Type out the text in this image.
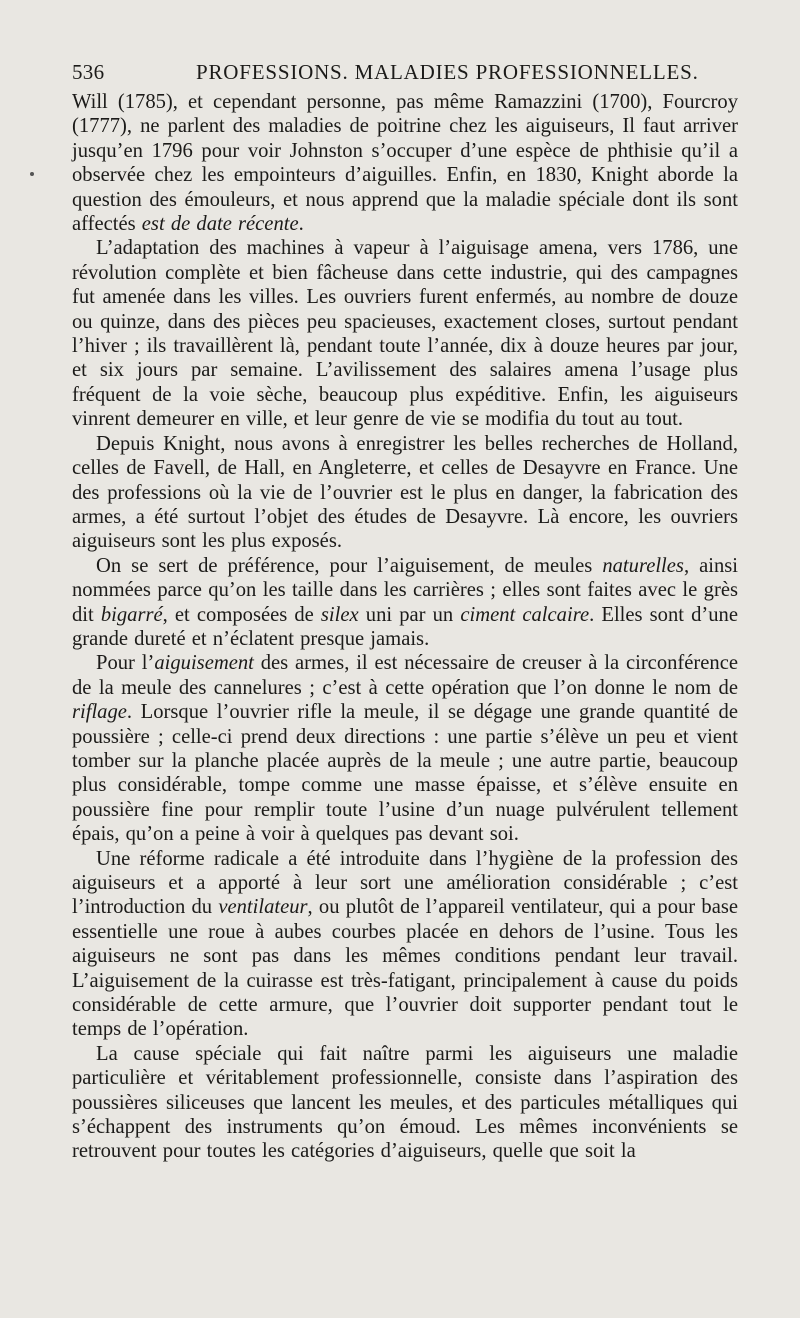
536	PROFESSIONS. MALADIES PROFESSIONNELLES.

Will (1785), et cependant personne, pas même Ramazzini (1700), Fourcroy (1777), ne parlent des maladies de poitrine chez les aiguiseurs, Il faut arriver jusqu’en 1796 pour voir Johnston s’occuper d’une espèce de phthisie qu’il a observée chez les empointeurs d’aiguilles. Enfin, en 1830, Knight aborde la question des émouleurs, et nous apprend que la maladie spéciale dont ils sont affectés est de date récente.

L’adaptation des machines à vapeur à l’aiguisage amena, vers 1786, une révolution complète et bien fâcheuse dans cette industrie, qui des campagnes fut amenée dans les villes. Les ouvriers furent enfermés, au nombre de douze ou quinze, dans des pièces peu spacieuses, exactement closes, surtout pendant l’hiver ; ils travaillèrent là, pendant toute l’année, dix à douze heures par jour, et six jours par semaine. L’avilissement des salaires amena l’usage plus fréquent de la voie sèche, beaucoup plus expéditive. Enfin, les aiguiseurs vinrent demeurer en ville, et leur genre de vie se modifia du tout au tout.

Depuis Knight, nous avons à enregistrer les belles recherches de Holland, celles de Favell, de Hall, en Angleterre, et celles de Desayvre en France. Une des professions où la vie de l’ouvrier est le plus en danger, la fabrication des armes, a été surtout l’objet des études de Desayvre. Là encore, les ouvriers aiguiseurs sont les plus exposés.

On se sert de préférence, pour l’aiguisement, de meules naturelles, ainsi nommées parce qu’on les taille dans les carrières ; elles sont faites avec le grès dit bigarré, et composées de silex uni par un ciment calcaire. Elles sont d’une grande dureté et n’éclatent presque jamais.

Pour l’aiguisement des armes, il est nécessaire de creuser à la circonférence de la meule des cannelures ; c’est à cette opération que l’on donne le nom de riflage. Lorsque l’ouvrier rifle la meule, il se dégage une grande quantité de poussière ; celle-ci prend deux directions : une partie s’élève un peu et vient tomber sur la planche placée auprès de la meule ; une autre partie, beaucoup plus considérable, tompe comme une masse épaisse, et s’élève ensuite en poussière fine pour remplir toute l’usine d’un nuage pulvérulent tellement épais, qu’on a peine à voir à quelques pas devant soi.

Une réforme radicale a été introduite dans l’hygiène de la profession des aiguiseurs et a apporté à leur sort une amélioration considérable ; c’est l’introduction du ventilateur, ou plutôt de l’appareil ventilateur, qui a pour base essentielle une roue à aubes courbes placée en dehors de l’usine. Tous les aiguiseurs ne sont pas dans les mêmes conditions pendant leur travail. L’aiguisement de la cuirasse est très-fatigant, principalement à cause du poids considérable de cette armure, que l’ouvrier doit supporter pendant tout le temps de l’opération.

La cause spéciale qui fait naître parmi les aiguiseurs une maladie particulière et véritablement professionnelle, consiste dans l’aspiration des poussières siliceuses que lancent les meules, et des particules métalliques qui s’échappent des instruments qu’on émoud. Les mêmes inconvénients se retrouvent pour toutes les catégories d’aiguiseurs, quelle que soit la
